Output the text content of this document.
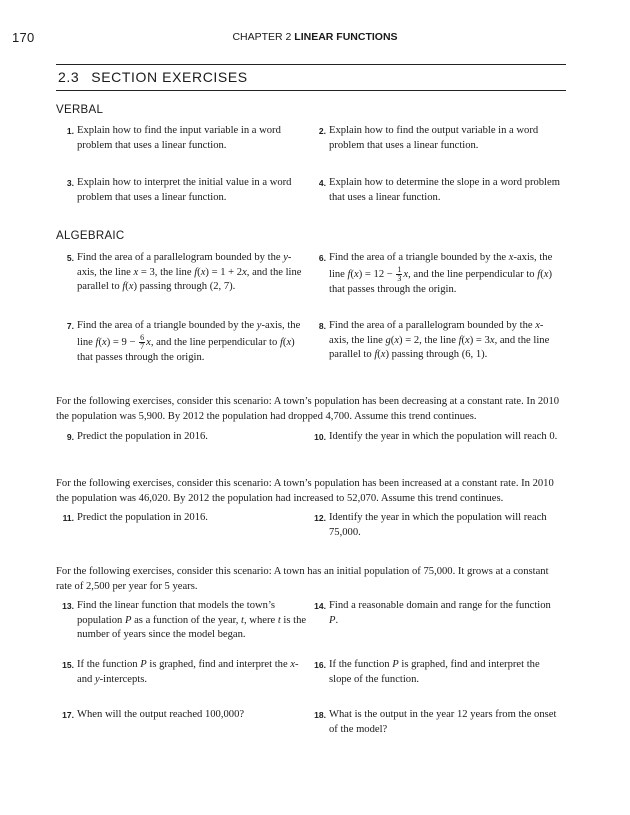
170	CHAPTER 2 LINEAR FUNCTIONS
2.3 SECTION EXERCISES
VERBAL
1. Explain how to find the input variable in a word problem that uses a linear function.
2. Explain how to find the output variable in a word problem that uses a linear function.
3. Explain how to interpret the initial value in a word problem that uses a linear function.
4. Explain how to determine the slope in a word problem that uses a linear function.
ALGEBRAIC
5. Find the area of a parallelogram bounded by the y-axis, the line x = 3, the line f(x) = 1 + 2x, and the line parallel to f(x) passing through (2, 7).
6. Find the area of a triangle bounded by the x-axis, the line $f(x) = 12 - \frac{1}{3} x$, and the line perpendicular to f(x) that passes through the origin.
7. Find the area of a triangle bounded by the y-axis, the line $f(x) = 9 - \frac{6}{7} x$, and the line perpendicular to f(x) that passes through the origin.
8. Find the area of a parallelogram bounded by the x-axis, the line g(x) = 2, the line f(x) = 3x, and the line parallel to f(x) passing through (6, 1).
For the following exercises, consider this scenario: A town’s population has been decreasing at a constant rate. In 2010 the population was 5,900. By 2012 the population had dropped 4,700. Assume this trend continues.
9. Predict the population in 2016.	10. Identify the year in which the population will reach 0.
For the following exercises, consider this scenario: A town’s population has been increased at a constant rate. In 2010 the population was 46,020. By 2012 the population had increased to 52,070. Assume this trend continues.
11. Predict the population in 2016.	12. Identify the year in which the population will reach 75,000.
For the following exercises, consider this scenario: A town has an initial population of 75,000. It grows at a constant rate of 2,500 per year for 5 years.
13. Find the linear function that models the town’s population P as a function of the year, t, where t is the number of years since the model began.
14. Find a reasonable domain and range for the function P.
15. If the function P is graphed, find and interpret the x-and y-intercepts.
16. If the function P is graphed, find and interpret the slope of the function.
17. When will the output reached 100,000?	18. What is the output in the year 12 years from the onset of the model?
